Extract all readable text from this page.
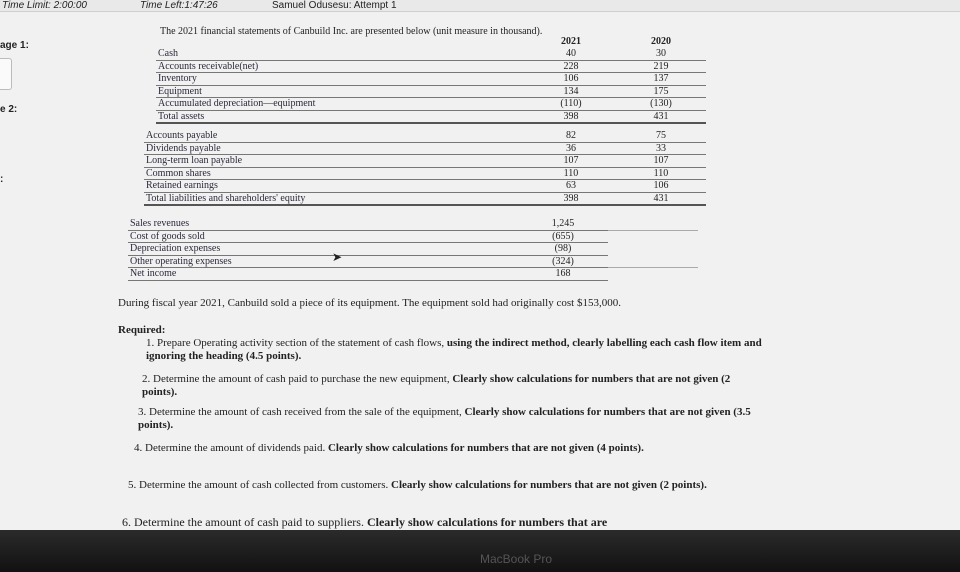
Time Limit: 2:00:00	Time Left:1:47:26	Samuel Odusesu: Attempt 1
age 1:
e 2:
:
The 2021 financial statements of Canbuild Inc. are presented below (unit measure in thousand).
	2021	2020
Cash	40	30
Accounts receivable(net)	228	219
Inventory	106	137
Equipment	134	175
Accumulated depreciation—equipment	(110)	(130)
Total assets	398	431
Accounts payable	82	75
Dividends payable	36	33
Long-term loan payable	107	107
Common shares	110	110
Retained earnings	63	106
Total liabilities and shareholders' equity	398	431
Sales revenues	1,245	
Cost of goods sold	(655)	
Depreciation expenses	(98)	
Other operating expenses	(324)	
Net income	168	
➤
During fiscal year 2021, Canbuild sold a piece of its equipment. The equipment sold had originally cost $153,000.
Required:
1. Prepare Operating activity section of the statement of cash flows, using the indirect method, clearly labelling each cash flow item and ignoring the heading (4.5 points).
2. Determine the amount of cash paid to purchase the new equipment, Clearly show calculations for numbers that are not given (2 points).
3. Determine the amount of cash received from the sale of the equipment, Clearly show calculations for numbers that are not given (3.5 points).
4. Determine the amount of dividends paid. Clearly show calculations for numbers that are not given (4 points).
5. Determine the amount of cash collected from customers. Clearly show calculations for numbers that are not given (2 points).
6. Determine the amount of cash paid to suppliers. Clearly show calculations for numbers that are
MacBook Pro
